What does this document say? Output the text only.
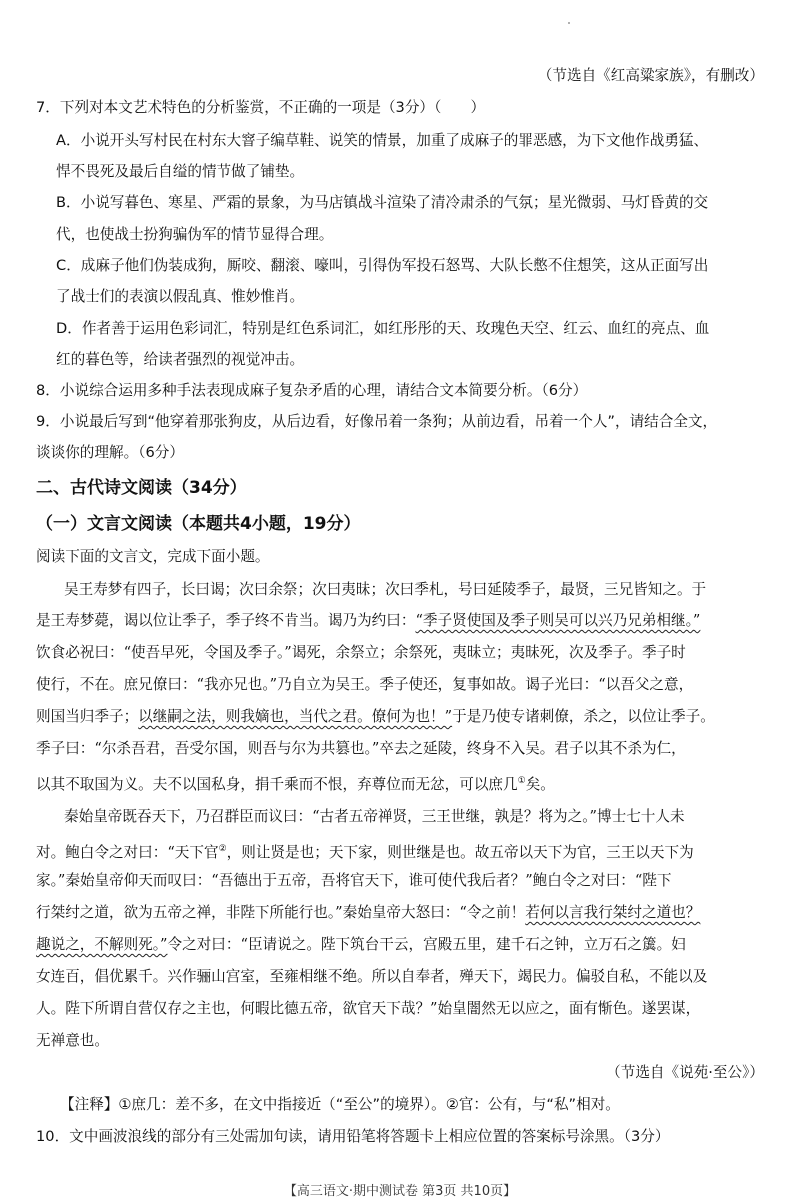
（节选自《红高粱家族》，有删改）
7．下列对本文艺术特色的分析鉴赏，不正确的一项是（3分）（　　）
A．小说开头写村民在村东大窨子编草鞋、说笑的情景，加重了成麻子的罪恶感，为下文他作战勇猛、
悍不畏死及最后自缢的情节做了铺垫。
B．小说写暮色、寒星、严霜的景象，为马店镇战斗渲染了清冷肃杀的气氛；星光微弱、马灯昏黄的交
代，也使战士扮狗骗伪军的情节显得合理。
C．成麻子他们伪装成狗，厮咬、翻滚、嚎叫，引得伪军投石怒骂、大队长憋不住想笑，这从正面写出
了战士们的表演以假乱真、惟妙惟肖。
D．作者善于运用色彩词汇，特别是红色系词汇，如红彤彤的天、玫瑰色天空、红云、血红的亮点、血
红的暮色等，给读者强烈的视觉冲击。
8．小说综合运用多种手法表现成麻子复杂矛盾的心理，请结合文本简要分析。（6分）
9．小说最后写到“他穿着那张狗皮，从后边看，好像吊着一条狗；从前边看，吊着一个人”，请结合全文，
谈谈你的理解。（6分）
二、古代诗文阅读（34分）
（一）文言文阅读（本题共4小题，19分）
阅读下面的文言文，完成下面小题。
吴王寿梦有四子，长曰谒；次曰余祭；次曰夷昧；次曰季札，号曰延陵季子，最贤，三兄皆知之。于
是王寿梦薨，谒以位让季子，季子终不肯当。谒乃为约曰：“季子贤使国及季子则吴可以兴乃兄弟相继。”
饮食必祝曰：“使吾早死，令国及季子。”谒死，余祭立；余祭死，夷昧立；夷昧死，次及季子。季子时
使行，不在。庶兄僚曰：“我亦兄也。”乃自立为吴王。季子使还，复事如故。谒子光曰：“以吾父之意，
则国当归季子；以继嗣之法，则我嫡也，当代之君。僚何为也！”于是乃使专诸刺僚，杀之，以位让季子。
季子曰：“尔杀吾君，吾受尔国，则吾与尔为共篡也。”卒去之延陵，终身不入吴。君子以其不杀为仁，
以其不取国为义。夫不以国私身，捐千乘而不恨，弃尊位而无忿，可以庶几①矣。
秦始皇帝既吞天下，乃召群臣而议曰：“古者五帝禅贤，三王世继，孰是？将为之。”博士七十人未
对。鲍白令之对曰：“天下官②，则让贤是也；天下家，则世继是也。故五帝以天下为官，三王以天下为
家。”秦始皇帝仰天而叹曰：“吾德出于五帝，吾将官天下，谁可使代我后者？”鲍白令之对曰：“陛下
行桀纣之道，欲为五帝之禅，非陛下所能行也。”秦始皇帝大怒曰：“令之前！若何以言我行桀纣之道也？
趣说之，不解则死。”令之对曰：“臣请说之。陛下筑台干云，宫殿五里，建千石之钟，立万石之簴。妇
女连百，倡优累千。兴作骊山宫室，至雍相继不绝。所以自奉者，殚天下，竭民力。偏驳自私，不能以及
人。陛下所谓自营仅存之主也，何暇比德五帝，欲官天下哉？”始皇闇然无以应之，面有惭色。遂罢谋，
无禅意也。
（节选自《说苑·至公》）
【注释】①庶几：差不多，在文中指接近（“至公”的境界）。②官：公有，与“私”相对。
10．文中画波浪线的部分有三处需加句读，请用铅笔将答题卡上相应位置的答案标号涂黑。（3分）
【高三语文·期中测试卷 第3页 共10页】
